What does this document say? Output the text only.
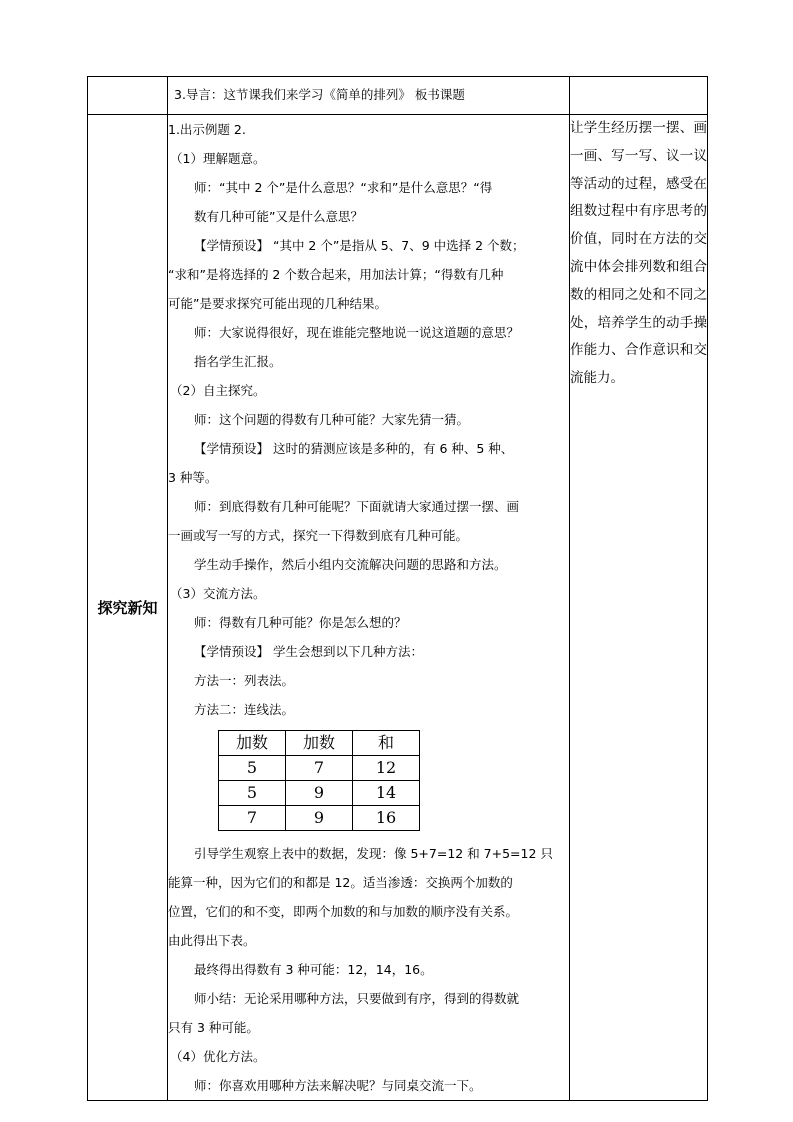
	3.导言：这节课我们来学习《简单的排列》 板书课题	
探究新知	

1.出示例题 2.

（1）理解题意。

师：“其中 2 个”是什么意思？“求和”是什么意思？“得

数有几种可能”又是什么意思？

【学情预设】 “其中 2 个”是指从 5、7、9 中选择 2 个数；

“求和”是将选择的 2 个数合起来，用加法计算；“得数有几种

可能”是要求探究可能出现的几种结果。

师：大家说得很好，现在谁能完整地说一说这道题的意思？

指名学生汇报。

（2）自主探究。

师：这个问题的得数有几种可能？大家先猜一猜。

【学情预设】 这时的猜测应该是多种的，有 6 种、5 种、

3 种等。

师：到底得数有几种可能呢？下面就请大家通过摆一摆、画

一画或写一写的方式，探究一下得数到底有几种可能。

学生动手操作，然后小组内交流解决问题的思路和方法。

（3）交流方法。

师：得数有几种可能？你是怎么想的？

【学情预设】 学生会想到以下几种方法：

方法一：列表法。

方法二：连线法。

加数	加数	和
5	7	12
5	9	14
7	9	16

引导学生观察上表中的数据，发现：像 5+7=12 和 7+5=12 只

能算一种，因为它们的和都是 12。适当渗透：交换两个加数的

位置，它们的和不变，即两个加数的和与加数的顺序没有关系。

由此得出下表。

最终得出得数有 3 种可能：12，14，16。

师小结：无论采用哪种方法，只要做到有序，得到的得数就

只有 3 种可能。

（4）优化方法。

师：你喜欢用哪种方法来解决呢？与同桌交流一下。

	让学生经历摆一摆、画一画、写一写、议一议等活动的过程，感受在组数过程中有序思考的价值，同时在方法的交流中体会排列数和组合数的相同之处和不同之处，培养学生的动手操作能力、合作意识和交流能力。
